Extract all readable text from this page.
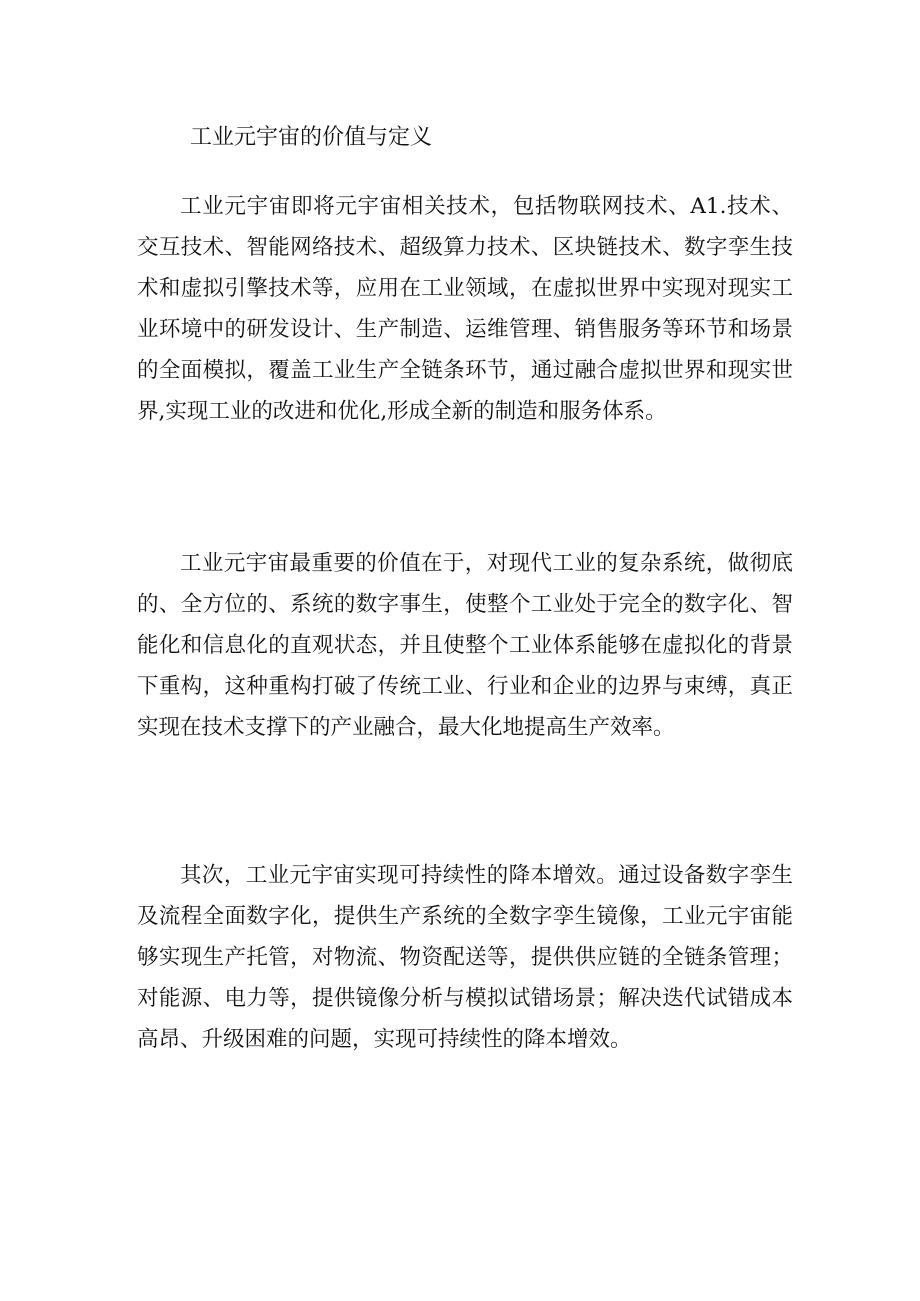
工业元宇宙的价值与定义

工业元宇宙即将元宇宙相关技术，包括物联网技术、A1.技术、交互技术、智能网络技术、超级算力技术、区块链技术、数字孪生技术和虚拟引擎技术等，应用在工业领域，在虚拟世界中实现对现实工业环境中的研发设计、生产制造、运维管理、销售服务等环节和场景的全面模拟，覆盖工业生产全链条环节，通过融合虚拟世界和现实世界,实现工业的改进和优化,形成全新的制造和服务体系。

工业元宇宙最重要的价值在于，对现代工业的复杂系统，做彻底的、全方位的、系统的数字事生，使整个工业处于完全的数字化、智能化和信息化的直观状态，并且使整个工业体系能够在虚拟化的背景下重构，这种重构打破了传统工业、行业和企业的边界与束缚，真正实现在技术支撑下的产业融合，最大化地提高生产效率。

其次，工业元宇宙实现可持续性的降本增效。通过设备数字孪生及流程全面数字化，提供生产系统的全数字孪生镜像，工业元宇宙能够实现生产托管，对物流、物资配送等，提供供应链的全链条管理；对能源、电力等，提供镜像分析与模拟试错场景；解决迭代试错成本高昂、升级困难的问题，实现可持续性的降本增效。
